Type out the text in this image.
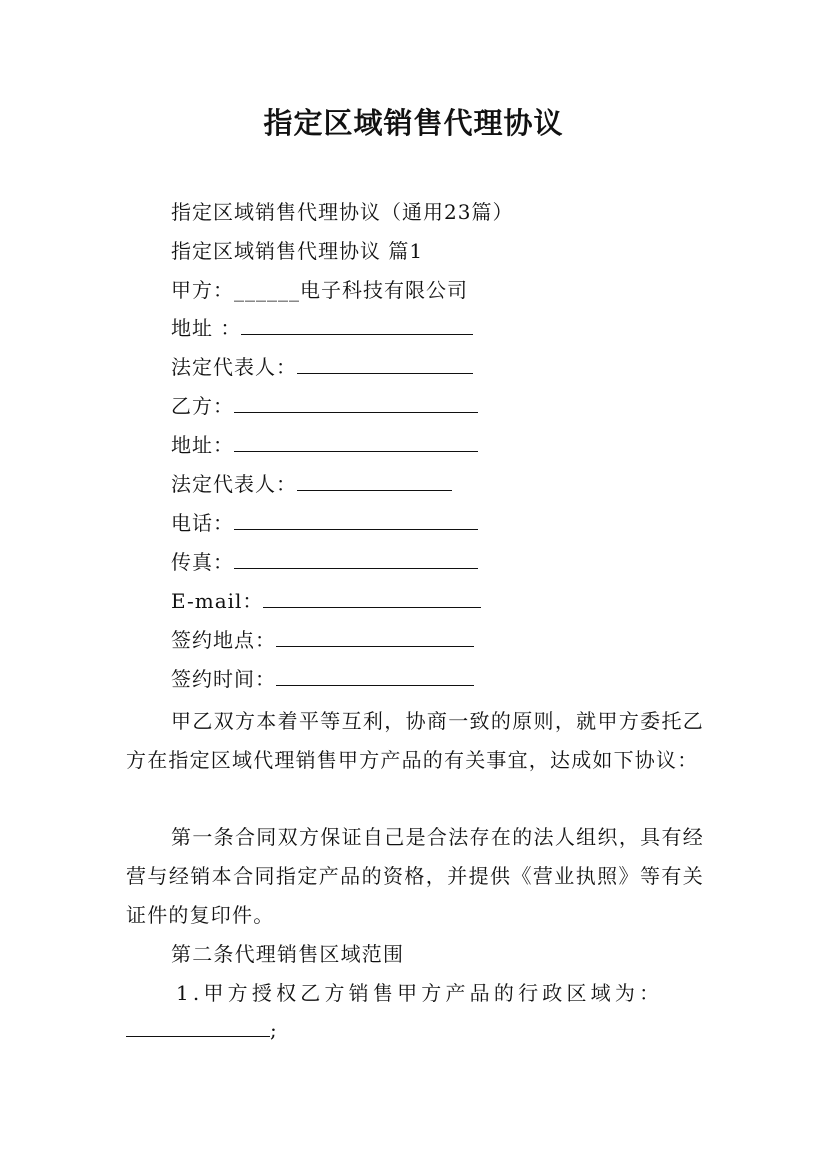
指定区域销售代理协议
指定区域销售代理协议（通用23篇）
指定区域销售代理协议 篇1
甲方：______电子科技有限公司
地址 ：
法定代表人：
乙方：
地址：
法定代表人：
电话：
传真：
E-mail：
签约地点：
签约时间：
甲乙双方本着平等互利，协商一致的原则，就甲方委托乙方在指定区域代理销售甲方产品的有关事宜，达成如下协议：
第一条合同双方保证自己是合法存在的法人组织，具有经营与经销本合同指定产品的资格，并提供《营业执照》等有关证件的复印件。
第二条代理销售区域范围
1.甲方授权乙方销售甲方产品的行政区域为：
;
